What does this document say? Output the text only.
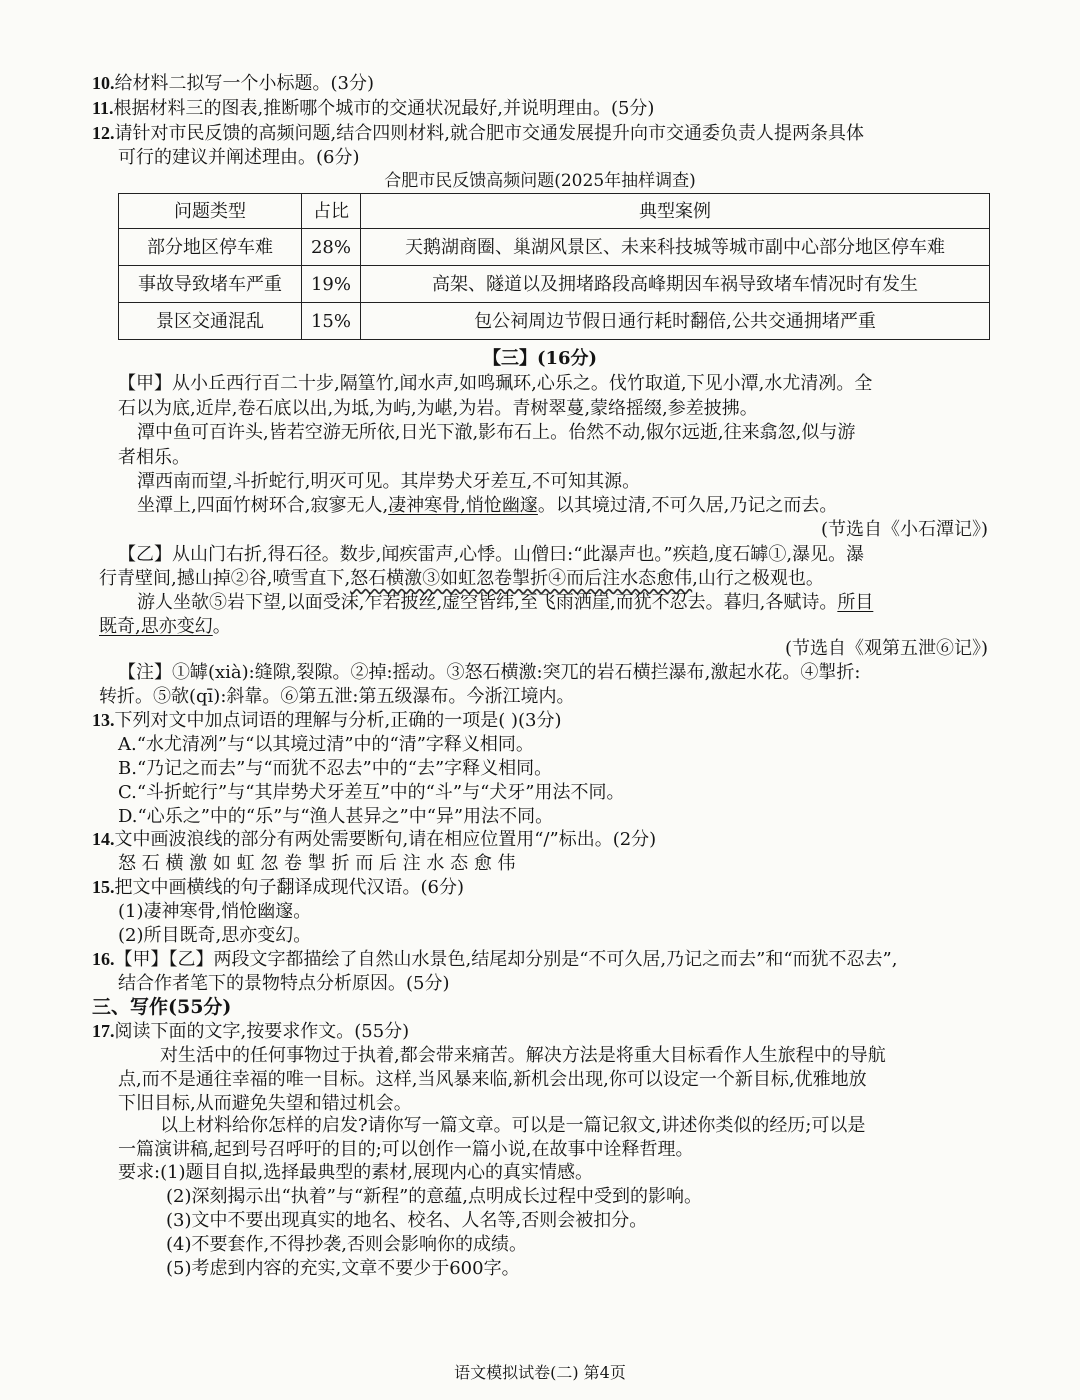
10.给材料二拟写一个小标题。(3分)
11.根据材料三的图表,推断哪个城市的交通状况最好,并说明理由。(5分)
12.请针对市民反馈的高频问题,结合四则材料,就合肥市交通发展提升向市交通委负责人提两条具体
可行的建议并阐述理由。(6分)
合肥市民反馈高频问题(2025年抽样调查)
问题类型	占比	典型案例
部分地区停车难	28%	天鹅湖商圈、巢湖风景区、未来科技城等城市副中心部分地区停车难
事故导致堵车严重	19%	高架、隧道以及拥堵路段高峰期因车祸导致堵车情况时有发生
景区交通混乱	15%	包公祠周边节假日通行耗时翻倍,公共交通拥堵严重
【三】(16分)
【甲】从小丘西行百二十步,隔篁竹,闻水声,如鸣珮环,心乐之。伐竹取道,下见小潭,水尤清冽。全
石以为底,近岸,卷石底以出,为坻,为屿,为嵁,为岩。青树翠蔓,蒙络摇缀,参差披拂。
潭中鱼可百许头,皆若空游无所依,日光下澈,影布石上。佁然不动,俶尔远逝,往来翕忽,似与游
者相乐。
潭西南而望,斗折蛇行,明灭可见。其岸势犬牙差互,不可知其源。
坐潭上,四面竹树环合,寂寥无人,凄神寒骨,悄怆幽邃。以其境过清,不可久居,乃记之而去。
(节选自《小石潭记》)
【乙】从山门右折,得石径。数步,闻疾雷声,心悸。山僧曰:“此瀑声也。”疾趋,度石罅①,瀑见。瀑
行青壁间,撼山掉②谷,喷雪直下,怒石横激③如虹忽卷掣折④而后注水态愈伟,山行之极观也。
游人坐欹⑤岩下望,以面受沫,乍若披丝,虚空皆纬,至飞雨洒崖,而犹不忍去。暮归,各赋诗。所目
既奇,思亦变幻。
(节选自《观第五泄⑥记》)
【注】①罅(xià):缝隙,裂隙。②掉:摇动。③怒石横激:突兀的岩石横拦瀑布,激起水花。④掣折:
转折。⑤欹(qī):斜靠。⑥第五泄:第五级瀑布。今浙江境内。
13.下列对文中加点词语的理解与分析,正确的一项是( )(3分)
A.“水尤清冽”与“以其境过清”中的“清”字释义相同。
B.“乃记之而去”与“而犹不忍去”中的“去”字释义相同。
C.“斗折蛇行”与“其岸势犬牙差互”中的“斗”与“犬牙”用法不同。
D.“心乐之”中的“乐”与“渔人甚异之”中“异”用法不同。
14.文中画波浪线的部分有两处需要断句,请在相应位置用“/”标出。(2分)
怒 石 横 激 如 虹 忽 卷 掣 折 而 后 注 水 态 愈 伟
15.把文中画横线的句子翻译成现代汉语。(6分)
(1)凄神寒骨,悄怆幽邃。
(2)所目既奇,思亦变幻。
16.【甲】【乙】两段文字都描绘了自然山水景色,结尾却分别是“不可久居,乃记之而去”和“而犹不忍去”,
结合作者笔下的景物特点分析原因。(5分)
三、写作(55分)
17.阅读下面的文字,按要求作文。(55分)
对生活中的任何事物过于执着,都会带来痛苦。解决方法是将重大目标看作人生旅程中的导航
点,而不是通往幸福的唯一目标。这样,当风暴来临,新机会出现,你可以设定一个新目标,优雅地放
下旧目标,从而避免失望和错过机会。
以上材料给你怎样的启发?请你写一篇文章。可以是一篇记叙文,讲述你类似的经历;可以是
一篇演讲稿,起到号召呼吁的目的;可以创作一篇小说,在故事中诠释哲理。
要求:(1)题目自拟,选择最典型的素材,展现内心的真实情感。
(2)深刻揭示出“执着”与“新程”的意蕴,点明成长过程中受到的影响。
(3)文中不要出现真实的地名、校名、人名等,否则会被扣分。
(4)不要套作,不得抄袭,否则会影响你的成绩。
(5)考虑到内容的充实,文章不要少于600字。
语文模拟试卷(二) 第4页
